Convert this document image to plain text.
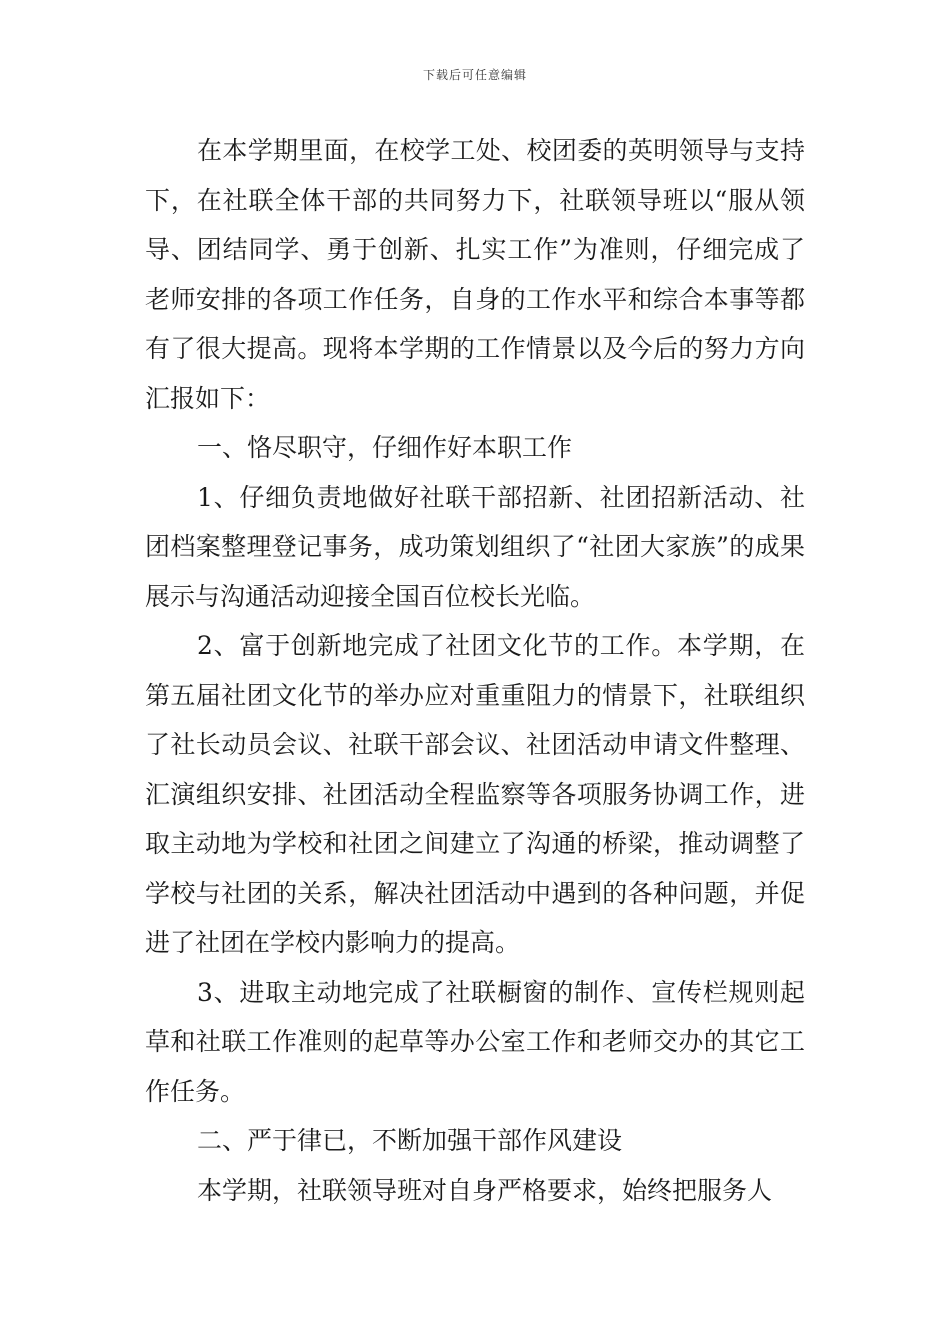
下载后可任意编辑

在本学期里面，在校学工处、校团委的英明领导与支持下，在社联全体干部的共同努力下，社联领导班以“服从领导、团结同学、勇于创新、扎实工作”为准则，仔细完成了老师安排的各项工作任务，自身的工作水平和综合本事等都有了很大提高。现将本学期的工作情景以及今后的努力方向汇报如下：

一、恪尽职守，仔细作好本职工作

1、仔细负责地做好社联干部招新、社团招新活动、社团档案整理登记事务，成功策划组织了“社团大家族”的成果展示与沟通活动迎接全国百位校长光临。

2、富于创新地完成了社团文化节的工作。本学期，在第五届社团文化节的举办应对重重阻力的情景下，社联组织了社长动员会议、社联干部会议、社团活动申请文件整理、汇演组织安排、社团活动全程监察等各项服务协调工作，进取主动地为学校和社团之间建立了沟通的桥梁，推动调整了学校与社团的关系，解决社团活动中遇到的各种问题，并促进了社团在学校内影响力的提高。

3、进取主动地完成了社联橱窗的制作、宣传栏规则起草和社联工作准则的起草等办公室工作和老师交办的其它工作任务。

二、严于律已，不断加强干部作风建设

本学期，社联领导班对自身严格要求，始终把服务人
